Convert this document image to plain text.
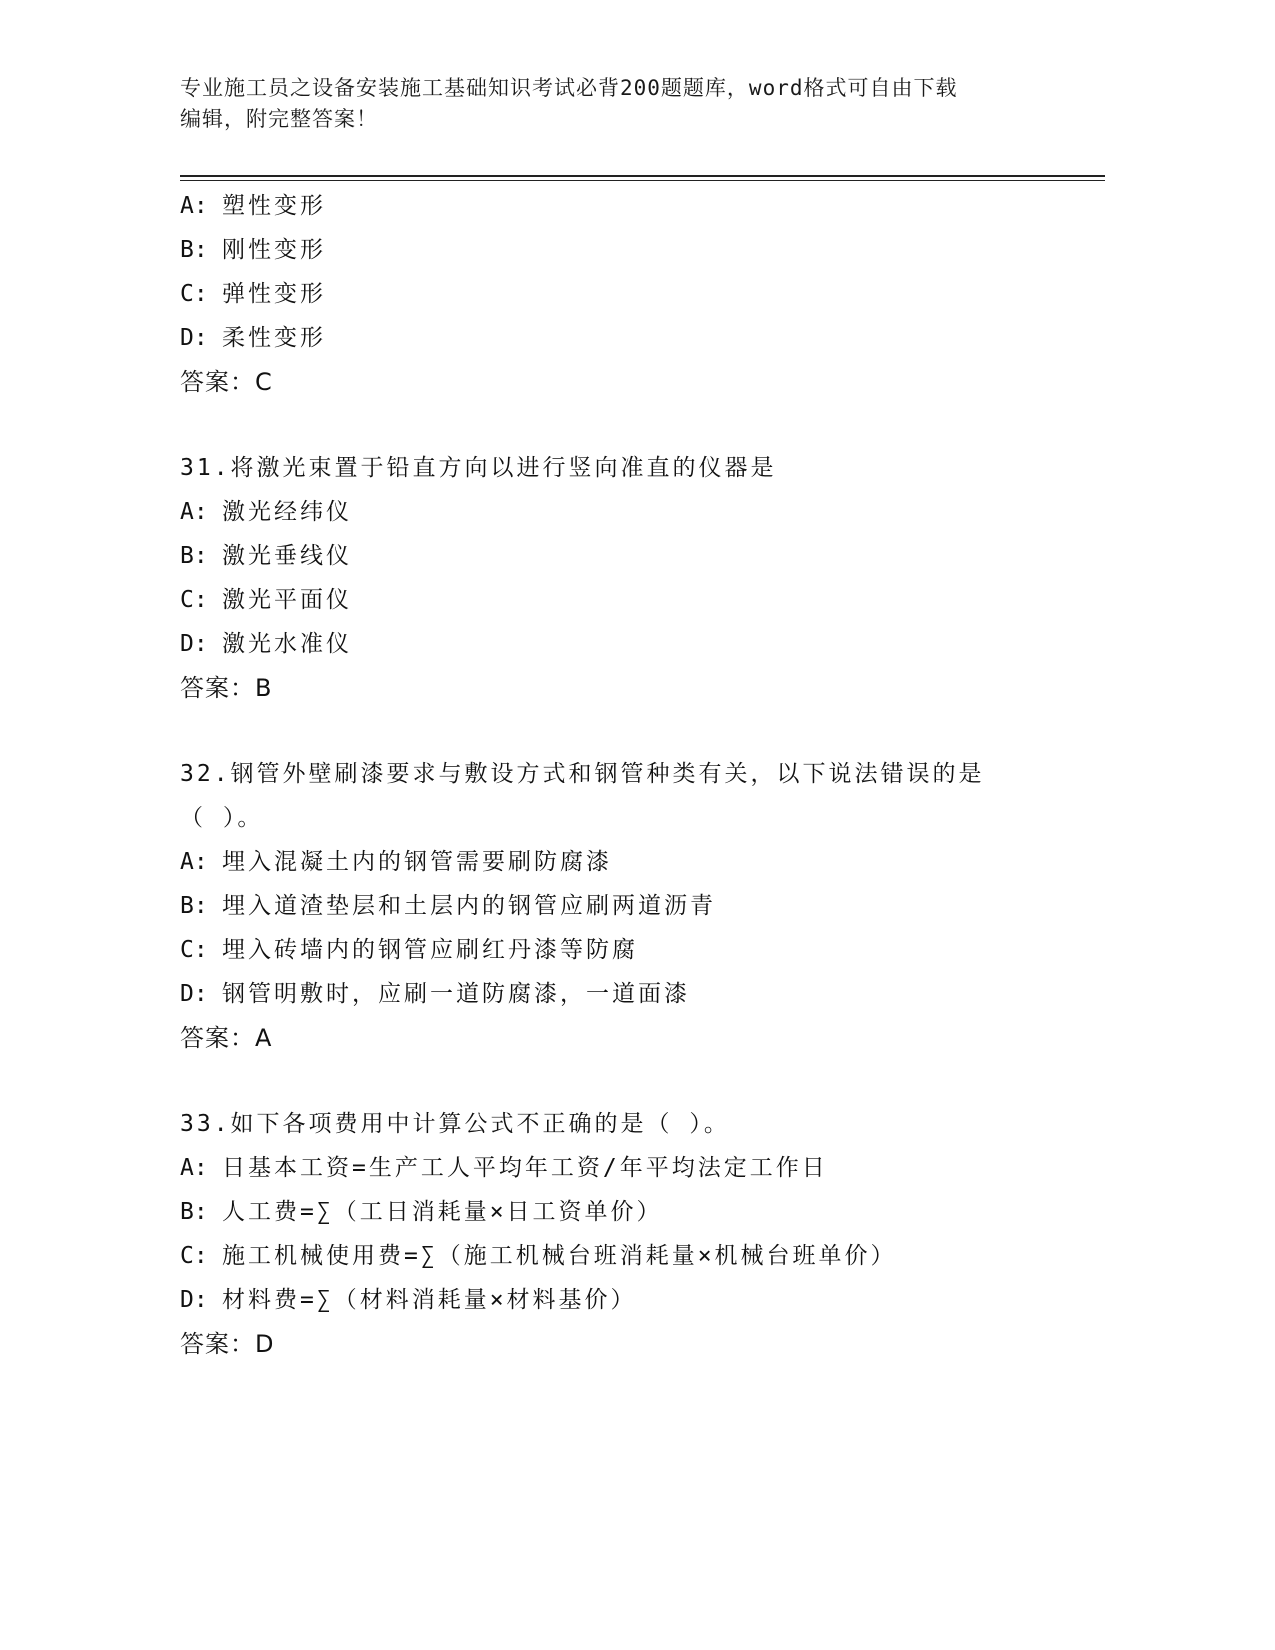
专业施工员之设备安装施工基础知识考试必背200题题库，word格式可自由下载
编辑，附完整答案！
A: 塑性变形
B: 刚性变形
C: 弹性变形
D: 柔性变形
答案：C
31.将激光束置于铅直方向以进行竖向准直的仪器是
A: 激光经纬仪
B: 激光垂线仪
C: 激光平面仪
D: 激光水准仪
答案：B
32.钢管外壁刷漆要求与敷设方式和钢管种类有关，以下说法错误的是
（ ）。
A: 埋入混凝土内的钢管需要刷防腐漆
B: 埋入道渣垫层和土层内的钢管应刷两道沥青
C: 埋入砖墙内的钢管应刷红丹漆等防腐
D: 钢管明敷时，应刷一道防腐漆，一道面漆
答案：A
33.如下各项费用中计算公式不正确的是（ ）。
A: 日基本工资=生产工人平均年工资/年平均法定工作日
B: 人工费=∑（工日消耗量×日工资单价）
C: 施工机械使用费=∑（施工机械台班消耗量×机械台班单价）
D: 材料费=∑（材料消耗量×材料基价）
答案：D
